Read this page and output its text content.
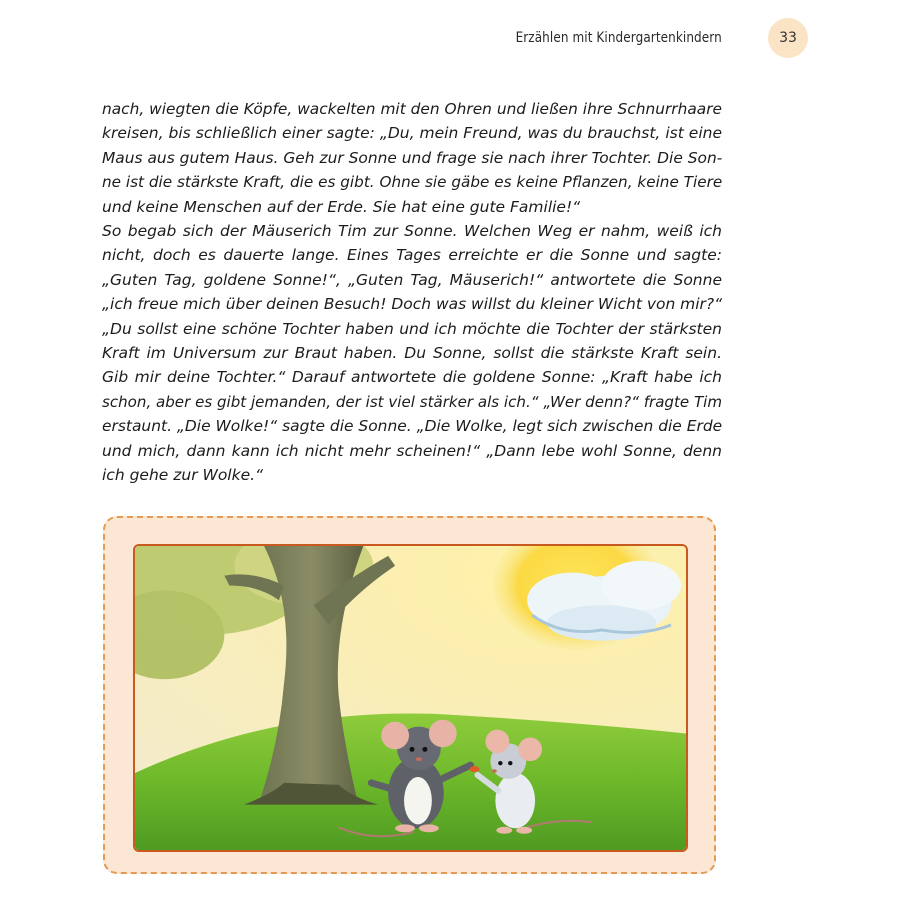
Erzählen mit Kindergartenkindern	33
nach, wiegten die Köpfe, wackelten mit den Ohren und ließen ihre Schnurrhaare
kreisen, bis schließlich einer sagte: „Du, mein Freund, was du brauchst, ist eine
Maus aus gutem Haus. Geh zur Sonne und frage sie nach ihrer Tochter. Die Son-
ne ist die stärkste Kraft, die es gibt. Ohne sie gäbe es keine Pflanzen, keine Tiere
und keine Menschen auf der Erde. Sie hat eine gute Familie!“
So begab sich der Mäuserich Tim zur Sonne. Welchen Weg er nahm, weiß ich
nicht, doch es dauerte lange. Eines Tages erreichte er die Sonne und sagte:
„Guten Tag, goldene Sonne!“, „Guten Tag, Mäuserich!“ antwortete die Sonne
„ich freue mich über deinen Besuch! Doch was willst du kleiner Wicht von mir?“
„Du sollst eine schöne Tochter haben und ich möchte die Tochter der stärksten
Kraft im Universum zur Braut haben. Du Sonne, sollst die stärkste Kraft sein.
Gib mir deine Tochter.“ Darauf antwortete die goldene Sonne: „Kraft habe ich
schon, aber es gibt jemanden, der ist viel stärker als ich.“ „Wer denn?“ fragte Tim
erstaunt. „Die Wolke!“ sagte die Sonne. „Die Wolke, legt sich zwischen die Erde
und mich, dann kann ich nicht mehr scheinen!“ „Dann lebe wohl Sonne, denn
ich gehe zur Wolke.“
